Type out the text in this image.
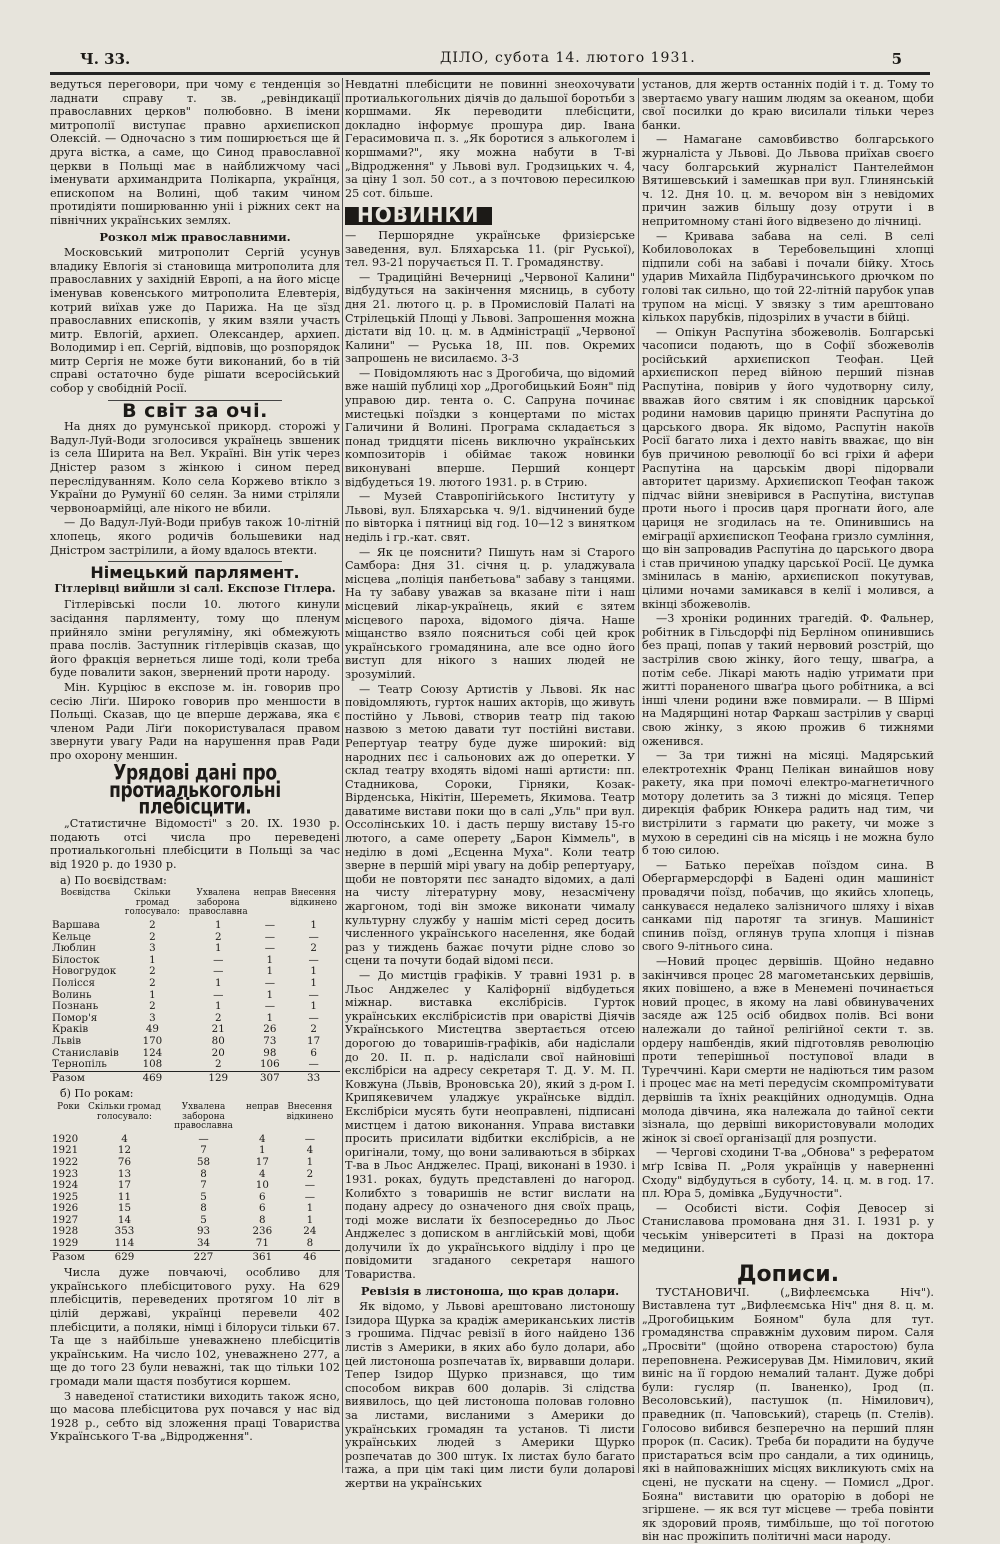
Ч. 33.	ДІЛО, субота 14. лютого 1931.	5

ведуться переговори, при чому є тенденція зо ладнати справу т. зв. „ревіндикації православних церков" полюбовно. В імени митрополії виступає правно архиєпископ Олексій. — Одночасно з тим поширюється ще й друга вістка, а саме, що Синод православної церкви в Польщі має в найближчому часі іменувати архимандрита Полікарпа, українця, епископом на Волині, щоб таким чином протидіяти поширюванню уніі і ріжних сект на північних українських землях.

Розкол між православними.

Московський митрополит Сергій усунув владику Евлогія зі становища митрополита для православних у західній Европі, а на його місце іменував ковенського митрополита Елевтерія, котрий виїхав уже до Парижа. На це зїзд православних епископів, у яким взяли участь митр. Евлогій, архиеп. Олександер, архиеп. Володимир і еп. Сергій, відповів, що розпорядок митр Сергія не може бути виконаний, бо в тій справі остаточно буде рішати всеросійський собор у свобідній Росії.

В світ за очі.

На днях до румунської прикорд. сторожі у Вадул-Луй-Води зголосився українець звшеник із села Ширита на Вел. Україні. Він утік через Дністер разом з жінкою і сином перед переслідуванням. Коло села Коржево втікло з України до Румунії 60 селян. За ними стріляли червоноармійці, але нікого не вбили.

— До Вадул-Луй-Води прибув також 10-літній хлопець, якого родичів большевики над Дністром застрілили, а йому вдалось втекти.

Німецький парлямент.
Гітлерівці вийшли зі салі. Експозе Гітлера.

Гітлерівські посли 10. лютого кинули засідання парляменту, тому що пленум прийняло зміни регуляміну, які обмежують права послів. Заступник гітлерівців сказав, що його фракція вернеться лише тоді, коли треба буде повалити закон, звернений проти народу.

Мін. Курціюс в експозе м. ін. говорив про сесію Ліґи. Широко говорив про меншости в Польщі. Сказав, що це вперше держава, яка є членом Ради Ліґи покористувалася правом звернути увагу Ради на нарушення прав Ради про охорону меншин.

Урядові дані про протиалькогольні плебісцити.

„Статистичне Відомості" з 20. IX. 1930 р. подають отсі числа про переведені протиалькогольні плебісцити в Польщі за час від 1920 р. до 1930 р.

а) По воєвідствам:
Воєвідства	Скільки громад голосувало:	Ухвалена заборона православна	неправ	Внесення відкинено
Варшава	2	1	—	1
Кельце	2	2	—	—
Люблин	3	1	—	2
Білосток	1	—	1	—
Новогрудок	2	—	1	1
Полісся	2	1	—	1
Волинь	1	—	1	—
Познань	2	1	—	1
Помор'я	3	2	1	—
Краків	49	21	26	2
Львів	170	80	73	17
Станиславів	124	20	98	6
Тернопіль	108	2	106	—
Разом	469	129	307	33
б) По рокам:
Роки	Скільки громад голосувало:	Ухвалена заборона православна	неправ	Внесення відкинено
1920	4	—	4	—
1921	12	7	1	4
1922	76	58	17	1
1923	13	8	4	2
1924	17	7	10	—
1925	11	5	6	—
1926	15	8	6	1
1927	14	5	8	1
1928	353	93	236	24
1929	114	34	71	8
Разом	629	227	361	46

Числа дуже повчаючі, особливо для українського плебісцитового руху. На 629 плебісцитів, переведених протягом 10 літ в цілій державі, українці перевели 402 плебісцити, а поляки, німці і білоруси тільки 67. Та ще з найбільше уневажнено плебісцитів українським. На число 102, уневажнено 277, а ще до того 23 були неважні, так що тільки 102 громади мали щастя позбутися коршем.

З наведеної статистики виходить також ясно, що масова плебісцитова рух почався у нас від 1928 р., себто від зложення праці Товариства Українського Т-ва „Відродження".

Невдатні плебісцити не повинні знеохочувати протиалькогольних діячів до дальшої боротьби з коршмами. Як переводити плебісцити, докладно інформує прошура дир. Івана Герасимовича п. з. „Як боротися з алькоголем і коршмами?", яку можна набути в Т-ві „Відродження" у Львові вул. Гродзицьких ч. 4, за ціну 1 зол. 50 сот., а з почтовою пересилкою 25 сот. більше.

НОВИНКИ

— Першорядне українське фризієрське заведення, вул. Бляхарська 11. (ріг Руської), тел. 93-21 поручається П. Т. Громадянству.

— Традиційні Вечерниці „Червоної Калини" відбудуться на закінчення мясниць, в суботу дня 21. лютого ц. р. в Промисловій Палаті на Стрілецькій Площі у Львові. Запрошення можна дістати від 10. ц. м. в Адміністрації „Червоної Калини" — Руська 18, ІІІ. пов. Окремих запрошень не висилаємо. 3-3

— Повідомляють нас з Дрогобича, що відомий вже нашій публиці хор „Дрогобицький Боян" під управою дир. тента о. С. Сапруна починає мистецькі поїздки з концертами по містах Галичини й Волині. Програма складається з понад тридцяти пісень виключно українських композиторів і обіймає також новинки виконувані вперше. Перший концерт відбудеться 19. лютого 1931. р. в Стрию.

— Музей Ставропігійського Інституту у Львові, вул. Бляхарська ч. 9/1. відчинений буде по вівторка і пятниці від год. 10—12 з винятком неділь і гр.-кат. свят.

— Як це пояснити? Пишуть нам зі Старого Самбора: Дня 31. січня ц. р. уладжувала місцева „поліція панбетьова" забаву з танцями. На ту забаву уважав за вказане піти і наш місцевий лікар-українець, який є зятем місцевого пароха, відомого діяча. Наше міщанство взяло поясниться собі цей крок українського громадянина, але все одно його виступ для нікого з наших людей не зрозумілий.

— Театр Союзу Артистів у Львові. Як нас повідомляють, гурток наших акторів, що живуть постійно у Львові, створив театр під такою назвою з метою давати тут постійні вистави. Репертуар театру буде дуже широкий: від народних пєс і сальонових аж до оперетки. У склад театру входять відомі наші артисти: пп. Стадникова, Сороки, Гірняки, Козак-Вірденська, Нікітін, Шереметь, Якимова. Театр даватиме вистави поки що в салі „Уль" при вул. Оссолінських 10. і дасть першу виставу 15-го лютого, а саме оперету „Барон Кіммель", в неділю в домі „Есценна Муха". Коли театр зверне в першій мірі увагу на добір репертуару, щоби не повторяти пєс занадто відомих, а далі на чисту літературну мову, незасмічену жаргоном, тоді він зможе виконати чималу культурну службу у нашім місті серед досить численного українського населення, яке бодай раз у тиждень бажає почути рідне слово зо сцени та почути бодай відомі пєси.

— До мистців графіків. У травні 1931 р. в Льос Анджелес у Каліфорнії відбудеться міжнар. виставка екслібрісів. Гурток українських екслібрісистів при оварістві Діячів Українського Мистецтва звертається отсею дорогою до товаришів-графіків, аби надіслали до 20. ІІ. п. р. надіслали свої найновіші екслібріси на адресу секретаря Т. Д. У. М. П. Ковжуна (Львів, Вроновська 20), який з д-ром І. Крипякевичем уладжує українське відділ. Екслібріси мусять бути неоправлені, підписані мистцем і датою виконання. Управа виставки просить присилати відбитки екслібрісів, а не оригінали, тому, що вони заливаються в збірках Т-ва в Льос Анджелес. Праці, виконані в 1930. і 1931. роках, будуть представлені до нагород. Колибхто з товаришів не встиг вислати на подану адресу до означеного дня своїх праць, тоді може вислати їх безпосередньо до Льос Анджелес з дописком в англійській мові, щоби долучили їх до українського відділу і про це повідомити згаданого секретаря нашого Товариства.

Ревізія в листоноша, що крав долари.

Як відомо, у Львові арештовано листоношу Ізидора Щурка за крадіж американських листів з грошима. Підчас ревізії в його найдено 136 листів з Америки, в яких або було долари, або цей листоноша розпечатав їх, вирвавши долари. Тепер Ізидор Щурко признався, що тим способом викрав 600 доларів. Зі слідства виявилось, що цей листоноша половав головно за листами, висланими з Америки до українських громадян та установ. Ті листи українських людей з Америки Щурко розпечатав до 300 штук. Іх листах було багато тажа, а при цім такі цим листи були доларові жертви на українських

установ, для жертв останніх подій і т. д. Тому то звертаємо увагу нашим людям за океаном, щоби свої посилки до краю висилали тільки через банки.

— Намагане самовбивство болгарського журналіста у Львові. До Львова приїхав своєго часу болгарський журналіст Пантелеймон Вятишевський і замешкав при вул. Глинянській ч. 12. Дня 10. ц. м. вечором він з невідомих причин зажив більшу дозу отрути і в непритомному стані його відвезено до лічниці.

— Кривава забава на селі. В селі Кобиловолоках в Теребовельщині хлопці підпили собі на забаві і почали бійку. Хтось ударив Михайла Підбурачинського дрючком по голові так сильно, що той 22-літній парубок упав трупом на місці. У звязку з тим арештовано кількох парубків, підозрілих в участи в бійці.

— Опікун Распутіна збожеволів. Болгарські часописи подають, що в Софії збожеволів російський архиєпископ Теофан. Цей архиєпископ перед війною перший пізнав Распутіна, повірив у його чудотворну силу, вважав його святим і як сповідник царської родини намовив царицю приняти Распутіна до царського двора. Як відомо, Распутін накоїв Росії багато лиха і дехто навіть вважає, що він був причиною революції бо всі гріхи й афери Распутіна на царськім дворі підорвали авторитет царизму. Архиєпископ Теофан також підчас війни зневірився в Распутіна, виступав проти нього і просив царя прогнати його, але цариця не згодилась на те. Опинившись на еміграції архиєпископ Теофана гризло сумління, що він запровадив Распутіна до царського двора і став причиною упадку царської Росії. Це думка змінилась в манію, архиєпископ покутував, цілими ночами замикався в келії і молився, а вкінці збожеволів.

—З хроніки родинних трагедій. Ф. Фальнер, робітник в Гільсдорфі під Берліном опинившись без праці, попав у такий нервовий розстрій, що застрілив свою жінку, його тещу, шваґра, а потім себе. Лікарі мають надію утримати при житті пораненого шваґра цього робітника, а всі інші члени родини вже повмирали. — В Шірмі на Мадярщині нотар Фаркаш застрілив у сварці свою жінку, з якою прожив 6 тижнями оженився.

— За три тижні на місяці. Мадярський електротехнік Франц Пелікан винайшов нову ракету, яка при помочі електро-магнетичного мотору долетить за 3 тижні до місяця. Тепер дирекція фабрик Юнкера радить над тим, чи вистрілити з гармати цю ракету, чи може з мухою в середині сів на місяць і не можна було б тою силою.

— Батько переїхав поїздом сина. В Обергармерсдорфі в Бадені один машиніст провадячи поїзд, побачив, що якийсь хлопець, санкуваєся недалеко залізничого шляху і віхав санками під паротяг та згинув. Машиніст спинив поїзд, оглянув трупа хлопця і пізнав свого 9-літнього сина.

—Новий процес дервішів. Щойно недавно закінчився процес 28 магометанських дервішів, яких повішено, а вже в Менемені починається новий процес, в якому на лаві обвинувачених засяде аж 125 осіб обидвох полів. Всі вони належали до тайної релігійної секти т. зв. ордеру нашбендів, який підготовляв революцію проти теперішньої поступової влади в Туреччині. Кари смерти не надіються тим разом і процес має на меті передусім скомпромітувати дервішів та їхніх реакційних однодумців. Одна молода дівчина, яка належала до тайної секти зізнала, що дервіші використовували молодих жінок зі своєї організації для розпусти.

— Чергові сходини Т-ва „Обнова" з рефератом мґр Ісвіва П. „Роля українців у наверненні Сходу" відбудуться в суботу, 14. ц. м. в год. 17. пл. Юра 5, домівка „Будучности".

— Особисті вісти. Софія Девосер зі Станиславова промована дня 31. І. 1931 р. у чеськім університеті в Празі на доктора медицини.

Дописи.

ТУСТАНОВИЧІ. („Вифлеємська Ніч"). Виставлена тут „Вифлеємська Ніч" дня 8. ц. м. „Дрогобицьким Бояном" була для тут. громадянства справжнім духовим пиром. Саля „Просвіти" (щойно отворена старостою) була переповнена. Режисерував Дм. Німилович, який виніс на її гордою немалий талант. Дуже добрі були: гусляр (п. Іваненко), Ірод (п. Весоловський), пастушок (п. Німилович), праведник (п. Чаповський), старець (п. Стелів). Голосово вибився безперечно на перший плян пророк (п. Сасик). Треба би порадити на будуче пристараться всім про сандали, а тих одиниць, які в найповажніших місцях викликують сміх на сцені, не пускати на сцену. — Помисл „Дрог. Бояна" виставити цю ораторію в доборі не згіршене. — як вся тут місцеве — треба повінти як здоровий прояв, тимбільше, що тої поготою він нас прожіпить політичні маси народу.
